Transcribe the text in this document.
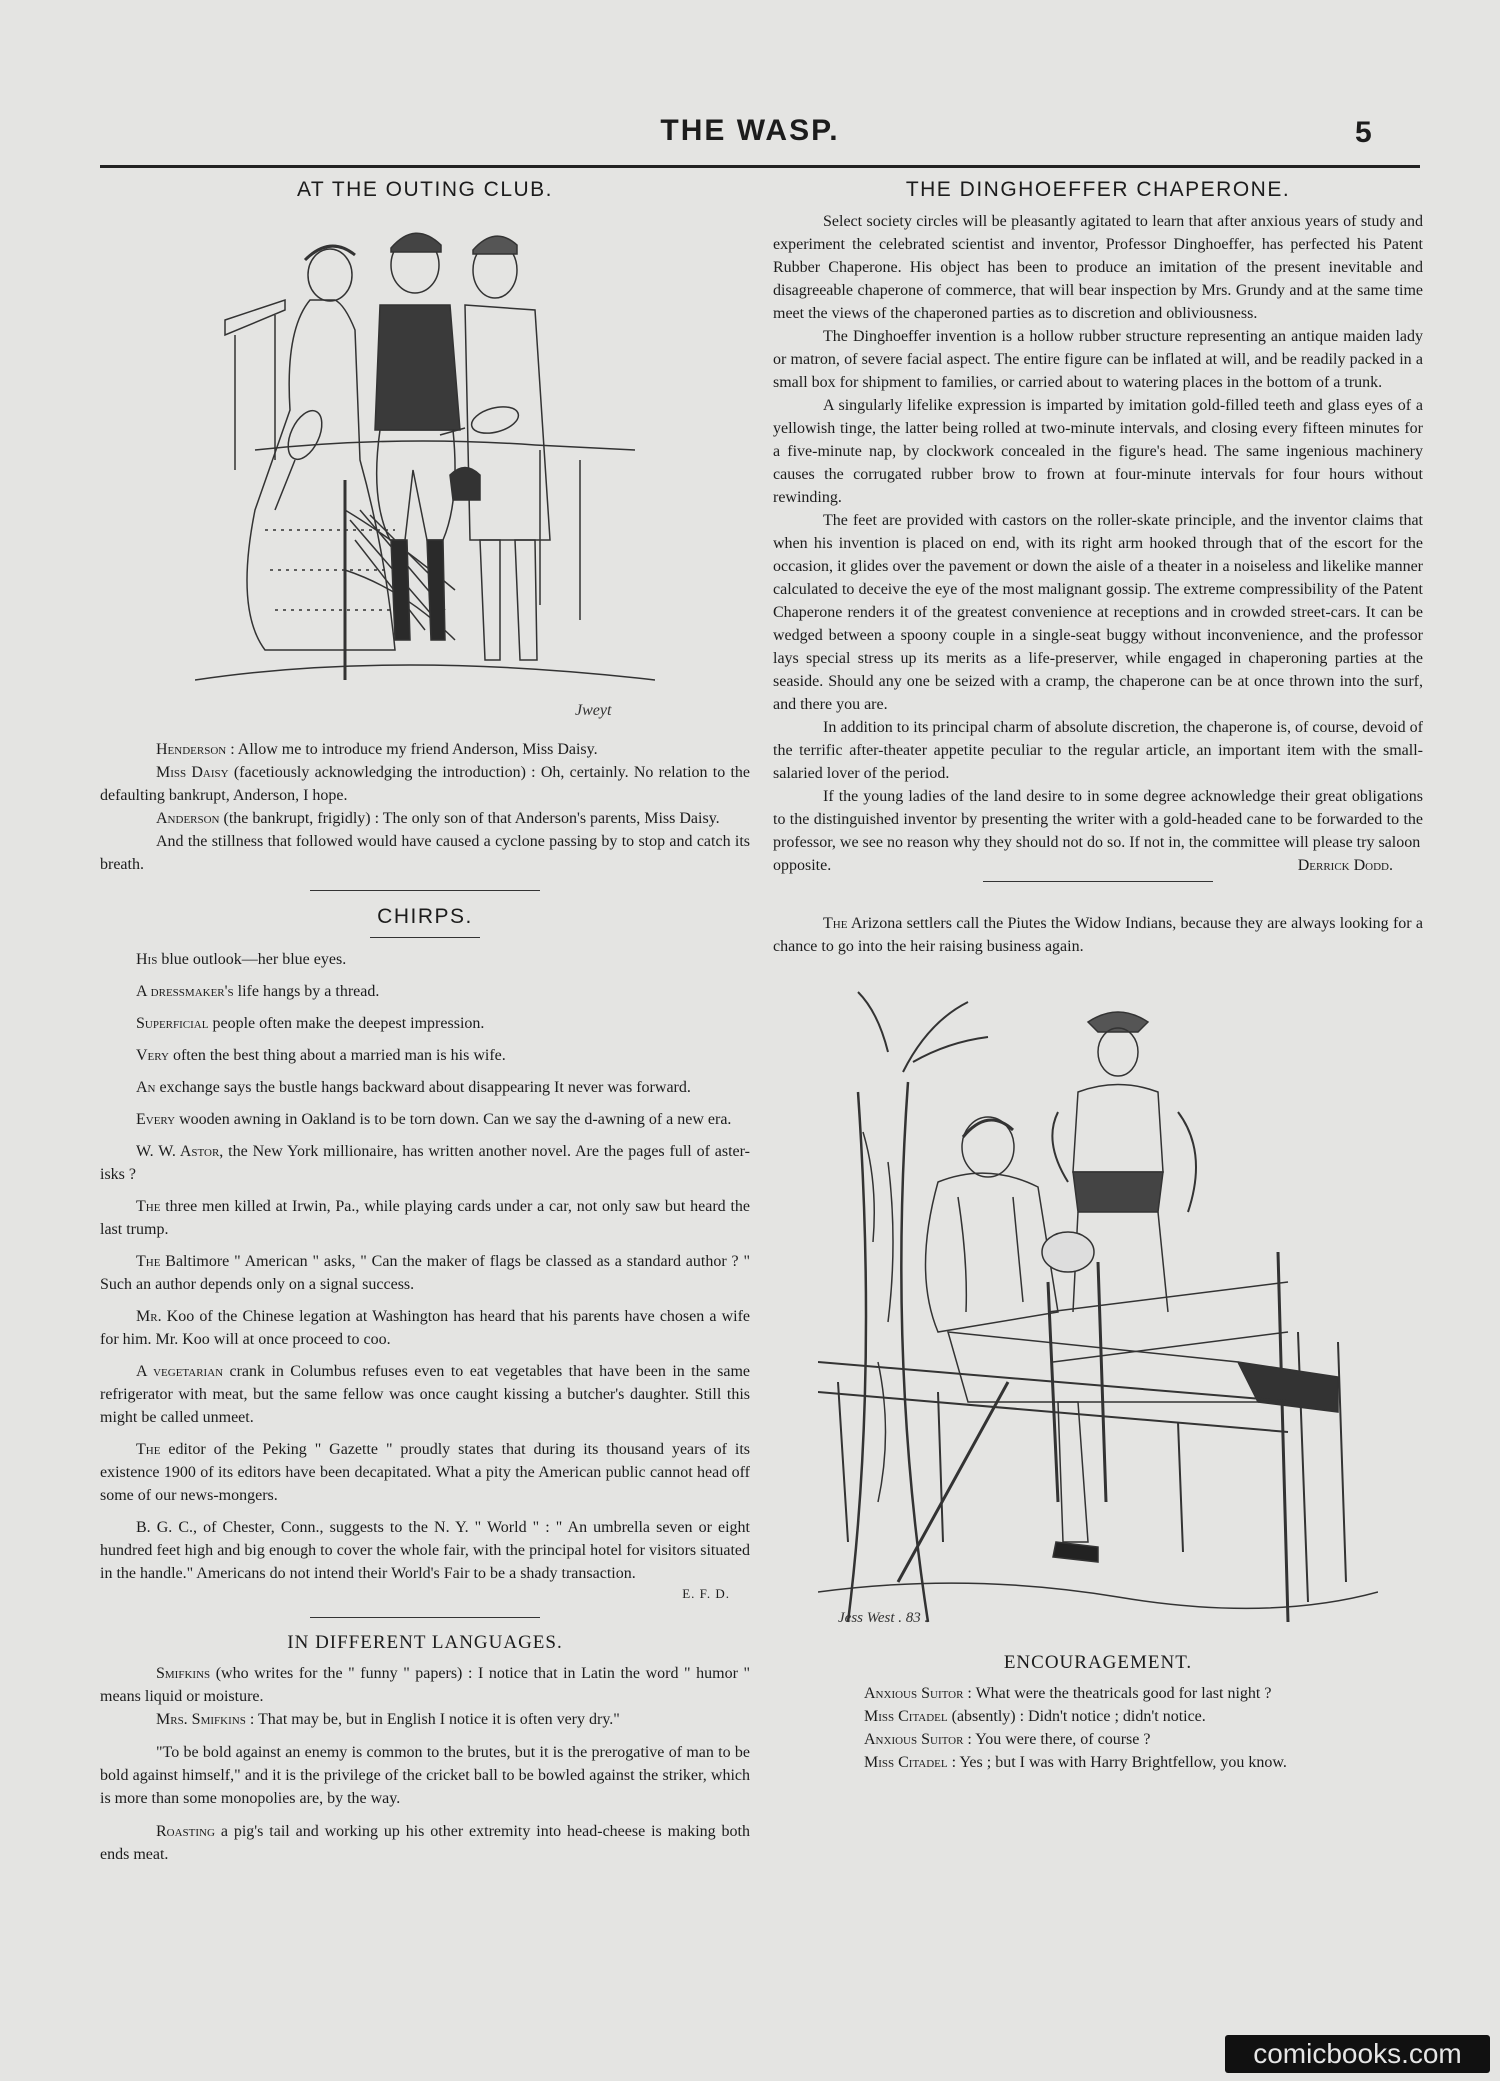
THE WASP.	5
AT THE OUTING CLUB.
Jweyt

Henderson : Allow me to introduce my friend Anderson, Miss Daisy.

Miss Daisy (facetiously acknowledging the introduction) : Oh, certainly. No relation to the defaulting bankrupt, Anderson, I hope.

Anderson (the bankrupt, frigidly) : The only son of that Anderson's parents, Miss Daisy.

And the stillness that followed would have caused a cyclone passing by to stop and catch its breath.

CHIRPS.

His blue outlook—her blue eyes.

A dressmaker's life hangs by a thread.

Superficial people often make the deepest impression.

Very often the best thing about a married man is his wife.

An exchange says the bustle hangs backward about disappearing It never was forward.

Every wooden awning in Oakland is to be torn down. Can we say the d-awning of a new era.

W. W. Astor, the New York millionaire, has written another novel. Are the pages full of aster-isks ?

The three men killed at Irwin, Pa., while playing cards under a car, not only saw but heard the last trump.

The Baltimore " American " asks, " Can the maker of flags be classed as a standard author ? " Such an author depends only on a signal success.

Mr. Koo of the Chinese legation at Washington has heard that his parents have chosen a wife for him. Mr. Koo will at once proceed to coo.

A vegetarian crank in Columbus refuses even to eat vegetables that have been in the same refrigerator with meat, but the same fellow was once caught kissing a butcher's daughter. Still this might be called unmeet.

The editor of the Peking " Gazette " proudly states that during its thousand years of its existence 1900 of its editors have been decapitated. What a pity the American public cannot head off some of our news-mongers.

B. G. C., of Chester, Conn., suggests to the N. Y. " World " : " An umbrella seven or eight hundred feet high and big enough to cover the whole fair, with the principal hotel for visitors situated in the handle." Americans do not intend their World's Fair to be a shady transaction.

E. F. D.
IN DIFFERENT LANGUAGES.

Smifkins (who writes for the " funny " papers) : I notice that in Latin the word " humor " means liquid or moisture.

Mrs. Smifkins : That may be, but in English I notice it is often very dry."

"To be bold against an enemy is common to the brutes, but it is the prerogative of man to be bold against himself," and it is the privilege of the cricket ball to be bowled against the striker, which is more than some monopolies are, by the way.

Roasting a pig's tail and working up his other extremity into head-cheese is making both ends meat.

THE DINGHOEFFER CHAPERONE.

Select society circles will be pleasantly agitated to learn that after anxious years of study and experiment the celebrated scientist and inventor, Professor Dinghoeffer, has perfected his Patent Rubber Chaperone. His object has been to produce an imitation of the present inevitable and disagreeable chaperone of commerce, that will bear inspection by Mrs. Grundy and at the same time meet the views of the chaperoned parties as to discretion and obliviousness.

The Dinghoeffer invention is a hollow rubber structure representing an antique maiden lady or matron, of severe facial aspect. The entire figure can be inflated at will, and be readily packed in a small box for shipment to families, or carried about to watering places in the bottom of a trunk.

A singularly lifelike expression is imparted by imitation gold-filled teeth and glass eyes of a yellowish tinge, the latter being rolled at two-minute intervals, and closing every fifteen minutes for a five-minute nap, by clockwork concealed in the figure's head. The same ingenious machinery causes the corrugated rubber brow to frown at four-minute intervals for four hours without rewinding.

The feet are provided with castors on the roller-skate principle, and the inventor claims that when his invention is placed on end, with its right arm hooked through that of the escort for the occasion, it glides over the pavement or down the aisle of a theater in a noiseless and likelike manner calculated to deceive the eye of the most malignant gossip. The extreme compressibility of the Patent Chaperone renders it of the greatest convenience at receptions and in crowded street-cars. It can be wedged between a spoony couple in a single-seat buggy without inconvenience, and the professor lays special stress up its merits as a life-preserver, while engaged in chaperoning parties at the seaside. Should any one be seized with a cramp, the chaperone can be at once thrown into the surf, and there you are.

In addition to its principal charm of absolute discretion, the chaperone is, of course, devoid of the terrific after-theater appetite peculiar to the regular article, an important item with the small-salaried lover of the period.

If the young ladies of the land desire to in some degree acknowledge their great obligations to the distinguished inventor by presenting the writer with a gold-headed cane to be forwarded to the professor, we see no reason why they should not do so. If not in, the committee will please try saloon

opposite.	Derrick Dodd.

The Arizona settlers call the Piutes the Widow Indians, because they are always looking for a chance to go into the heir raising business again.

Jess West . 83 .
ENCOURAGEMENT.

Anxious Suitor : What were the theatricals good for last night ?

Miss Citadel (absently) : Didn't notice ; didn't notice.

Anxious Suitor : You were there, of course ?

Miss Citadel : Yes ; but I was with Harry Brightfellow, you know.

comicbooks.com
